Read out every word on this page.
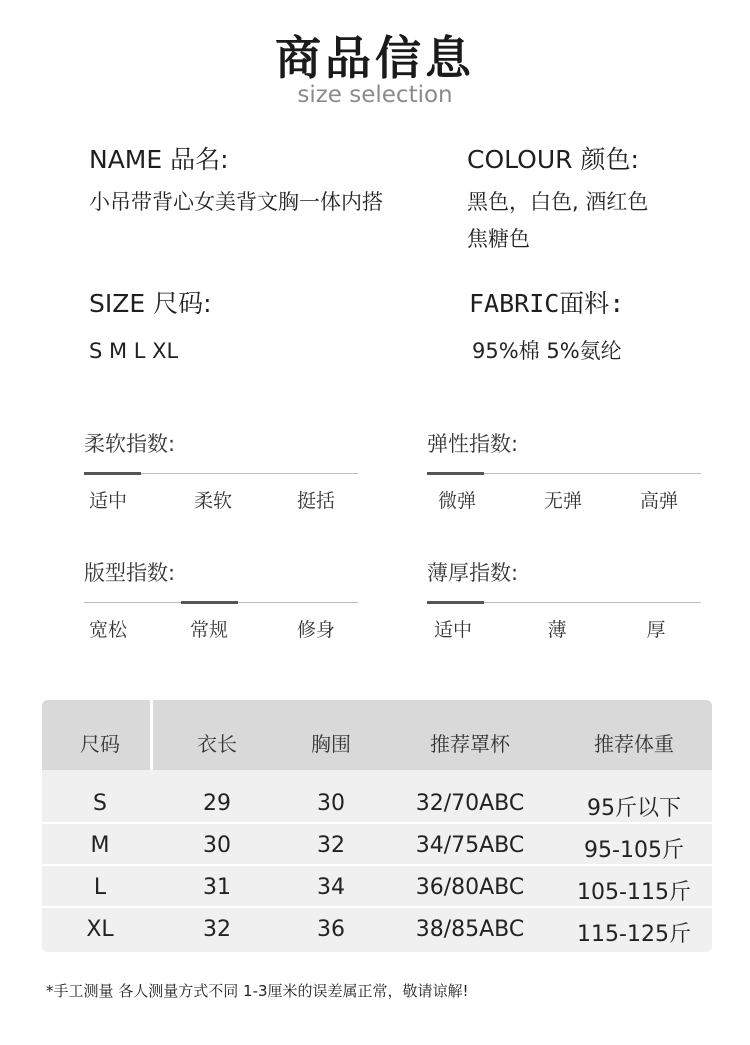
商品信息
size selection
NAME 品名:
小吊带背心女美背文胸一体内搭
COLOUR 颜色:
黑色，白色, 酒红色
焦糖色
SIZE 尺码:
S M L XL
FABRIC面料:
95%棉 5%氨纶
柔软指数:
适中	柔软	挺括
弹性指数:
微弹	无弹	高弹
版型指数:
宽松	常规	修身
薄厚指数:
适中	薄	厚
尺码	衣长	胸围	推荐罩杯	推荐体重
S	29	30	32/70ABC	95斤以下
M	30	32	34/75ABC	95-105斤
L	31	34	36/80ABC	105-115斤
XL	32	36	38/85ABC	115-125斤
*手工测量 各人测量方式不同 1-3厘米的误差属正常，敬请谅解!
